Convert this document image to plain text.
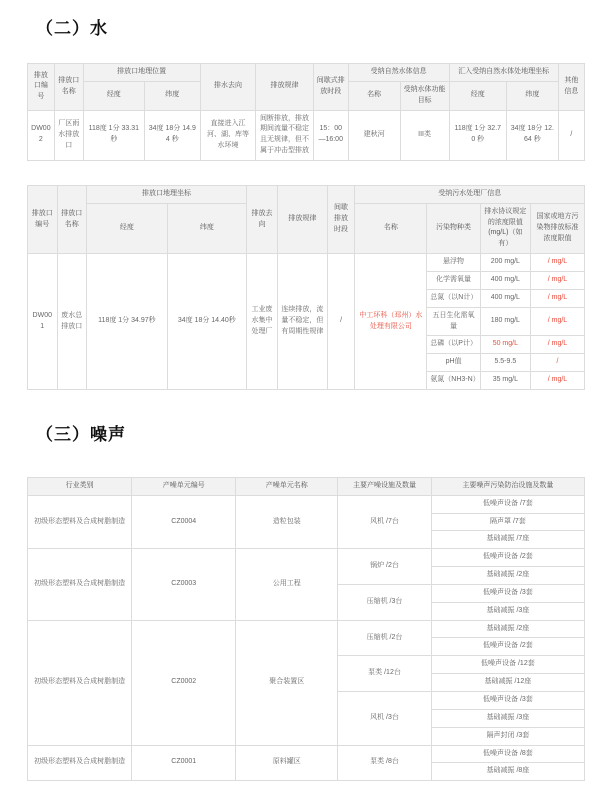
（二）水
排放口编号	排放口名称	排放口地理位置		排水去向	排放规律	间歇式排放时段	受纳自然水体信息		汇入受纳自然水体处地理坐标		其他信息
		经度	纬度				名称	受纳水体功能目标	经度	纬度	
DW002	厂区雨水排放口	118度 1分 33.31 秒	34度 18分 14.94 秒	直接进入江河、湖、库等水环境	间断排放，排放期间流量不稳定且无规律，但不属于冲击型排放	15：00—16:00	建秋河	III类	118度 1分 32.70 秒	34度 18分 12.64 秒	/
排放口编号	排放口名称	排放口地理坐标		排放去向	排放规律	间歇排放时段	受纳污水处理厂信息			
		经度	纬度				名称	污染物种类	排水协议规定的浓度限值(mg/L)（如有）	国家或地方污染物排放标准浓度限值
DW001	废水总排放口	118度 1分 34.97秒	34度 18分 14.40秒	工业废水集中处理厂	连续排放，流量不稳定，但有周期性规律	/	中工环科（邳州）水处理有限公司	悬浮物	200 mg/L	/ mg/L
								化学需氧量	400 mg/L	/ mg/L
								总氮（以N计）	400 mg/L	/ mg/L
								五日生化需氧量	180 mg/L	/ mg/L
								总磷（以P计）	50 mg/L	/ mg/L
								pH值	5.5-9.5	/
								氨氮（NH3-N）	35 mg/L	/ mg/L
（三）噪声
行业类别	产噪单元编号	产噪单元名称	主要产噪设施及数量	主要噪声污染防治设施及数量
初级形态塑料及合成树脂制造	CZ0004	造粒包装	风机 /7台	低噪声设备 /7套
				隔声罩 /7套
				基础减振 /7座
初级形态塑料及合成树脂制造	CZ0003	公用工程	锅炉 /2台	低噪声设备 /2套
				基础减振 /2座
			压缩机 /3台	低噪声设备 /3套
				基础减振 /3座
初级形态塑料及合成树脂制造	CZ0002	聚合装置区	压缩机 /2台	基础减振 /2座
				低噪声设备 /2套
			泵类 /12台	低噪声设备 /12套
				基础减振 /12座
			风机 /3台	低噪声设备 /3套
				基础减振 /3座
				隔声封闭 /3套
初级形态塑料及合成树脂制造	CZ0001	原料罐区	泵类 /8台	低噪声设备 /8套
				基础减振 /8座
